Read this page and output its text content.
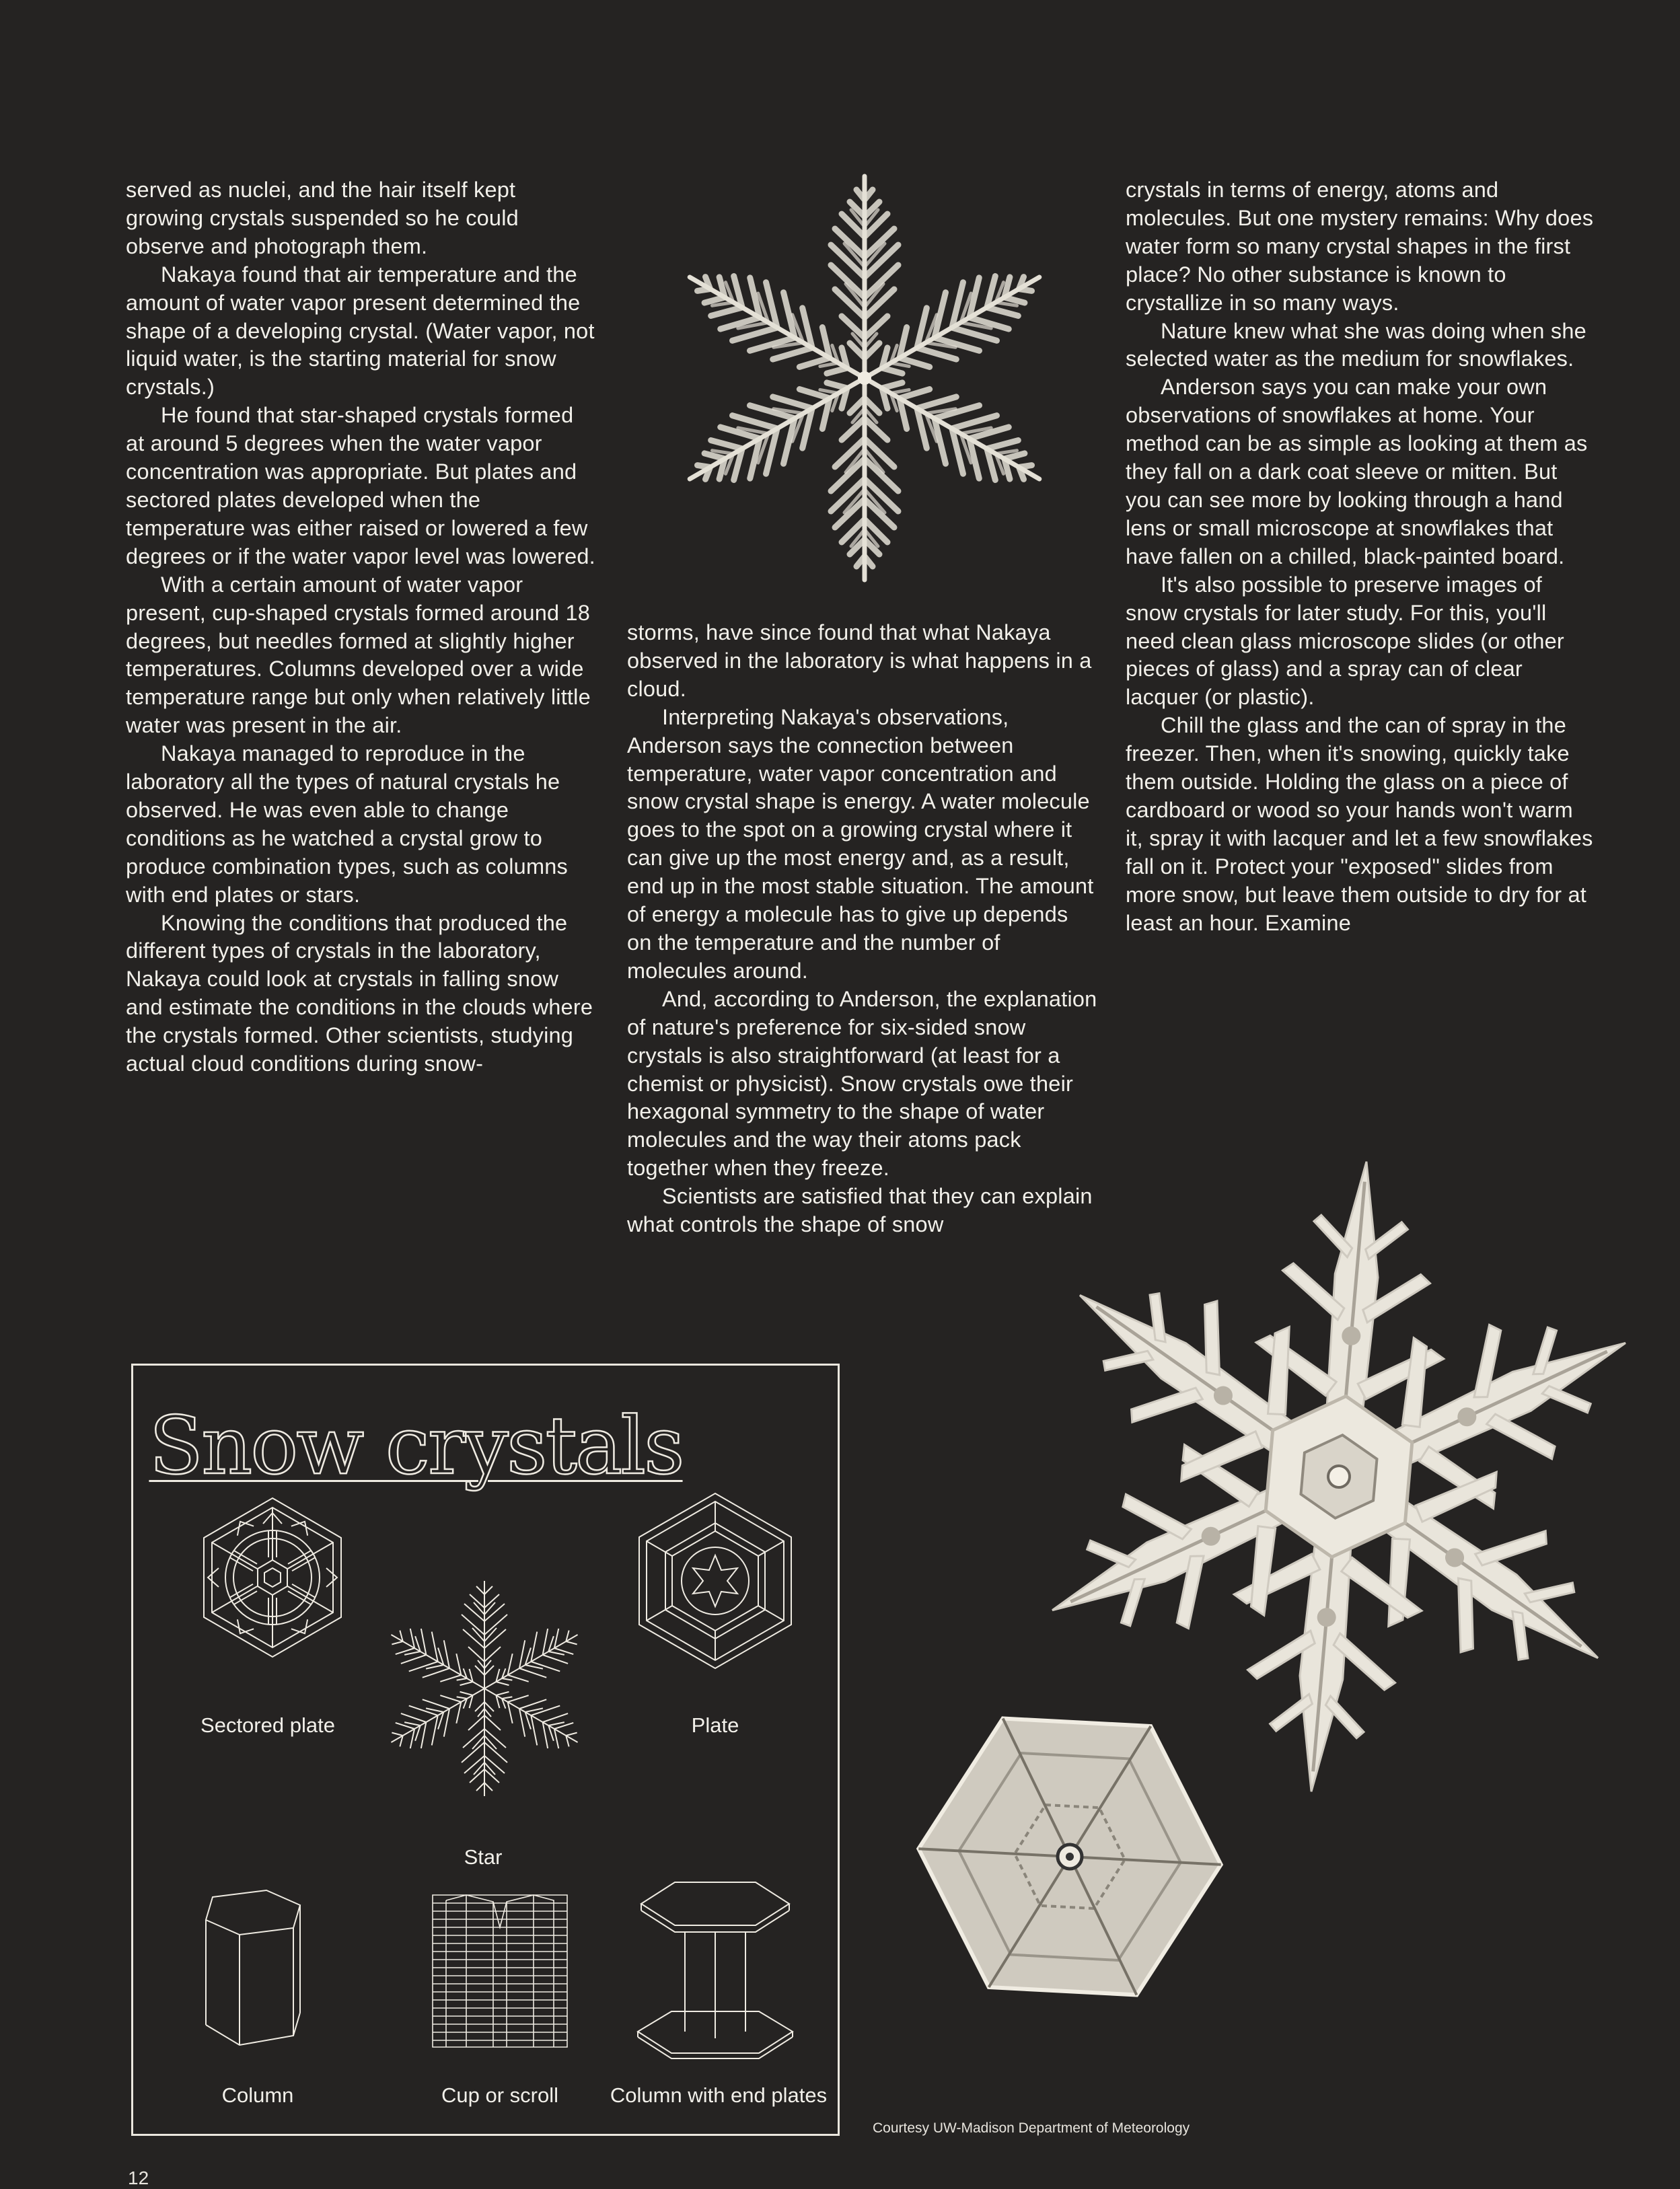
served as nuclei, and the hair itself kept growing crystals suspended so he could observe and photograph them.

Nakaya found that air temperature and the amount of water vapor present determined the shape of a developing crystal. (Water vapor, not liquid water, is the starting material for snow crystals.)

He found that star-shaped crystals formed at around 5 degrees when the water vapor concentration was appropriate. But plates and sectored plates developed when the temperature was either raised or lowered a few degrees or if the water vapor level was lowered.

With a certain amount of water vapor present, cup-shaped crystals formed around 18 degrees, but needles formed at slightly higher temperatures. Columns developed over a wide temperature range but only when relatively little water was present in the air.

Nakaya managed to reproduce in the laboratory all the types of natural crystals he observed. He was even able to change conditions as he watched a crystal grow to produce combination types, such as columns with end plates or stars.

Knowing the conditions that produced the different types of crystals in the laboratory, Nakaya could look at crystals in falling snow and estimate the conditions in the clouds where the crystals formed. Other scientists, studying actual cloud conditions during snow-

storms, have since found that what Nakaya observed in the laboratory is what happens in a cloud.

Interpreting Nakaya's observations, Anderson says the connection between temperature, water vapor concentration and snow crystal shape is energy. A water molecule goes to the spot on a growing crystal where it can give up the most energy and, as a result, end up in the most stable situation. The amount of energy a molecule has to give up depends on the temperature and the number of molecules around.

And, according to Anderson, the explanation of nature's preference for six-sided snow crystals is also straightforward (at least for a chemist or physicist). Snow crystals owe their hexagonal symmetry to the shape of water molecules and the way their atoms pack together when they freeze.

Scientists are satisfied that they can explain what controls the shape of snow

crystals in terms of energy, atoms and molecules. But one mystery remains: Why does water form so many crystal shapes in the first place? No other substance is known to crystallize in so many ways.

Nature knew what she was doing when she selected water as the medium for snowflakes.

Anderson says you can make your own observations of snowflakes at home. Your method can be as simple as looking at them as they fall on a dark coat sleeve or mitten. But you can see more by looking through a hand lens or small microscope at snowflakes that have fallen on a chilled, black-painted board.

It's also possible to preserve images of snow crystals for later study. For this, you'll need clean glass microscope slides (or other pieces of glass) and a spray can of clear lacquer (or plastic).

Chill the glass and the can of spray in the freezer. Then, when it's snowing, quickly take them outside. Holding the glass on a piece of cardboard or wood so your hands won't warm it, spray it with lacquer and let a few snowflakes fall on it. Protect your "exposed" slides from more snow, but leave them outside to dry for at least an hour. Examine

Snow crystals
Sectored plate	Plate
Star
Column	Cup or scroll	Column with end plates
Courtesy UW-Madison Department of Meteorology
12
